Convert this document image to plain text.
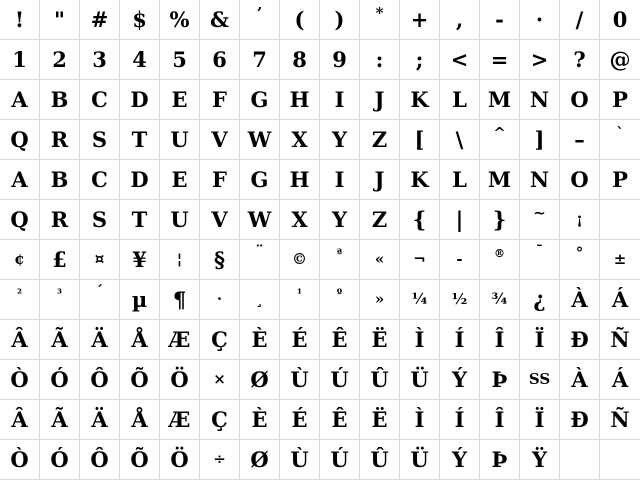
! " # $ % & ’ ( ) * + , - · / 0
1 2 3 4 5 6 7 8 9 : ; < = > ? @
A B C D E F G H I J K L M N O P
Q R S T U V W X Y Z [ \ ^ ] – `
A B C D E F G H I J K L M N O P
Q R S T U V W X Y Z { | } ~ ¡
¢ £ ¤ ¥ ¦ § ¨ ©	ª « ¬ -	® ¯ ° ±
²	³ ´ µ ¶ · ¸	¹	º » ¼ ½ ¾ ¿ À Á
Â Ã Ä Å Æ Ç È É Ê Ë Ì Í Î Ï Ð Ñ
Ò Ó Ô Õ Ö × Ø Ù Ú Û Ü Ý Þ SS À Á
Â Ã Ä Å Æ Ç È É Ê Ë Ì Í Î Ï Ð Ñ
Ò Ó Ô Õ Ö ÷ Ø Ù Ú Û Ü Ý Þ Ÿ
